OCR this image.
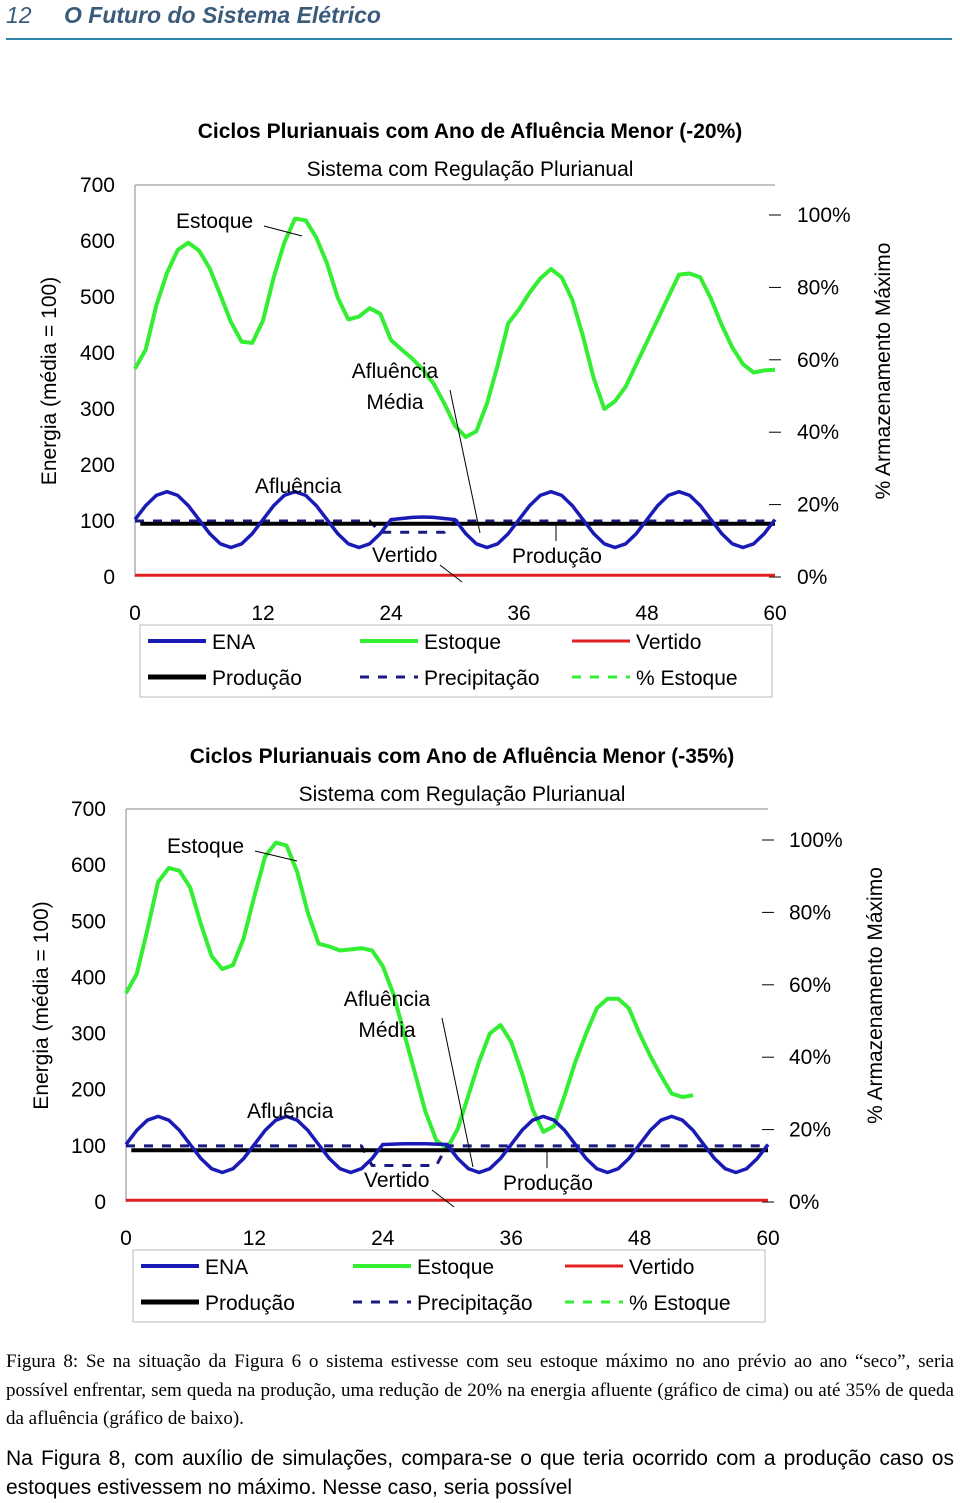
12 O Futuro do Sistema Elétrico
Ciclos Plurianuais com Ano de Afluência Menor (-20%)
Sistema com Regulação Plurianual
Energia (média = 100)	% Armazenamento Máximo
0
100
200
300
400
500
600
700
0%
20%
40%
60%
80%
100%
0	12	24	36	48	60
Estoque
Afluência
Média
Afluência
Vertido	Produção
ENA	Estoque	Vertido
Produção	Precipitação	% Estoque
Ciclos Plurianuais com Ano de Afluência Menor (-35%)
Sistema com Regulação Plurianual
Energia (média = 100)	% Armazenamento Máximo
0
100
200
300
400
500
600
700
0%
20%
40%
60%
80%
100%
0	12	24	36	48	60
Estoque
Afluência
Média
Afluência
Vertido	Produção
ENA	Estoque	Vertido
Produção	Precipitação	% Estoque
Figura 8: Se na situação da Figura 6 o sistema estivesse com seu estoque máximo no ano prévio ao ano “seco”, seria possível enfrentar, sem queda na produção, uma redução de 20% na energia afluente (gráfico de cima) ou até 35% de queda da afluência (gráfico de baixo).
Na Figura 8, com auxílio de simulações, compara-se o que teria ocorrido com a produção caso os estoques estivessem no máximo. Nesse caso, seria possível
